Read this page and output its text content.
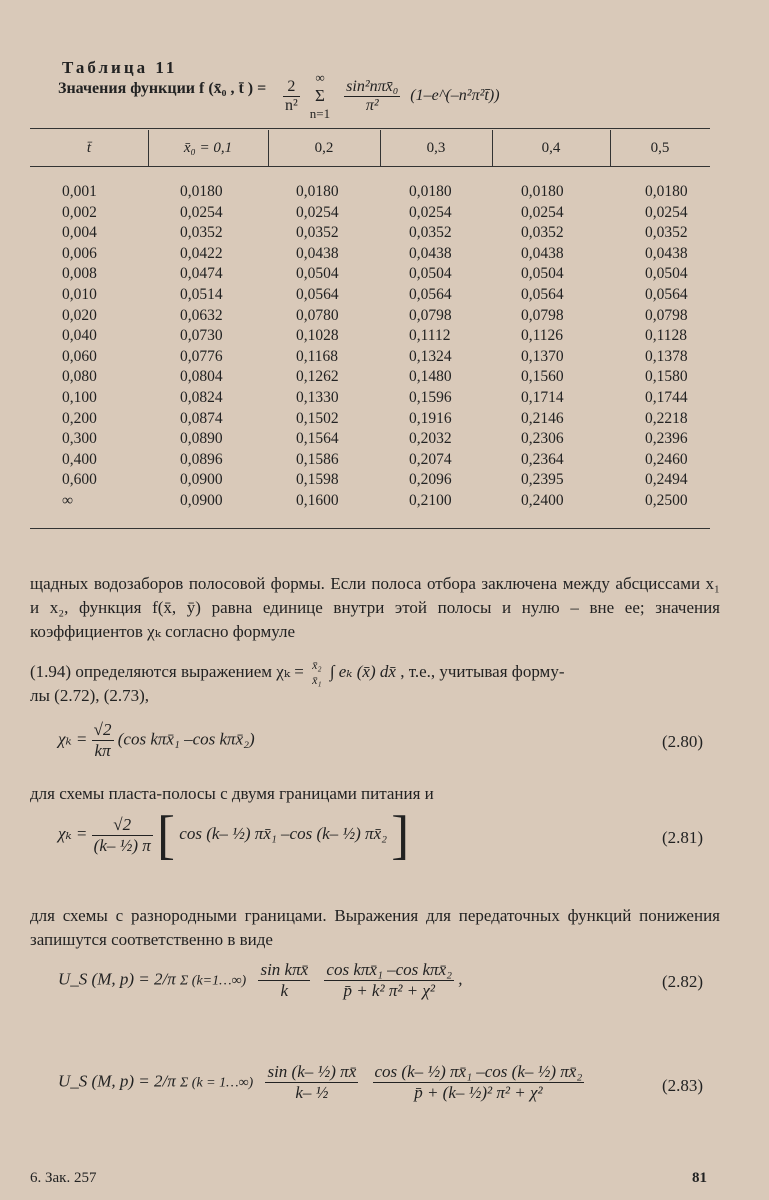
Таблица 11
Значения функции f (x̄₀ , t̄ ) = $\frac{2}{\text{n²}}$
	∞
Σ
n=1
$\frac{\text{sin²nπx̄₀}}{\text{π²}}$ (1–e^(–n²π²t̄))
t̄	x̄₀ = 0,1	0,2	0,3	0,4	0,5
0,001	0,0180	0,0180	0,0180	0,0180	0,0180
0,002	0,0254	0,0254	0,0254	0,0254	0,0254
0,004	0,0352	0,0352	0,0352	0,0352	0,0352
0,006	0,0422	0,0438	0,0438	0,0438	0,0438
0,008	0,0474	0,0504	0,0504	0,0504	0,0504
0,010	0,0514	0,0564	0,0564	0,0564	0,0564
0,020	0,0632	0,0780	0,0798	0,0798	0,0798
0,040	0,0730	0,1028	0,1112	0,1126	0,1128
0,060	0,0776	0,1168	0,1324	0,1370	0,1378
0,080	0,0804	0,1262	0,1480	0,1560	0,1580
0,100	0,0824	0,1330	0,1596	0,1714	0,1744
0,200	0,0874	0,1502	0,1916	0,2146	0,2218
0,300	0,0890	0,1564	0,2032	0,2306	0,2396
0,400	0,0896	0,1586	0,2074	0,2364	0,2460
0,600	0,0900	0,1598	0,2096	0,2395	0,2494
∞	0,0900	0,1600	0,2100	0,2400	0,2500

щадных водозаборов полосовой формы. Если полоса отбора заключена между абсциссами x₁ и x₂, функция f(x̄, ȳ) равна единице внутри этой полосы и нулю – вне ее; значения коэффициентов χₖ согласно формуле

(1.94) определяются выражением χₖ = x̄₂
x̄₁ ∫ eₖ (x̄) dx̄ , т.е., учитывая форму-
лы (2.72), (2.73),
$\chi_k = \frac{√2}{k\pi} (\cos$ kπx̄₁ –cos kπx̄₂)	(2.80)
для схемы пласта-полосы с двумя границами питания и
$\chi_k = \frac{√2}{\text{(k– ½) π}}$ [ cos (k– ½) πx̄₁ –cos (k– ½) πx̄₂ ]	(2.81)

для схемы с разнородными границами. Выражения для передаточных функций понижения запишутся соответственно в виде

U_S (M, p) = 2/π Σ (k=1…∞) $\frac{\text{sin kπx̄}}{k}$
$\frac{\text{cos kπx̄₁ –cos kπx̄₂}}{\text{p̄ + k² π² + χ²}}$ ,	(2.82)
U_S (M, p) = 2/π Σ (k = 1…∞) $\frac{\text{sin (k– ½) πx̄}}{\text{k– ½}}$
$\frac{\text{cos (k– ½) πx̄₁ –cos (k– ½) πx̄₂}}{\text{p̄ + (k– ½)² π² + χ²}}$	(2.83)
6. Зак. 257	81
